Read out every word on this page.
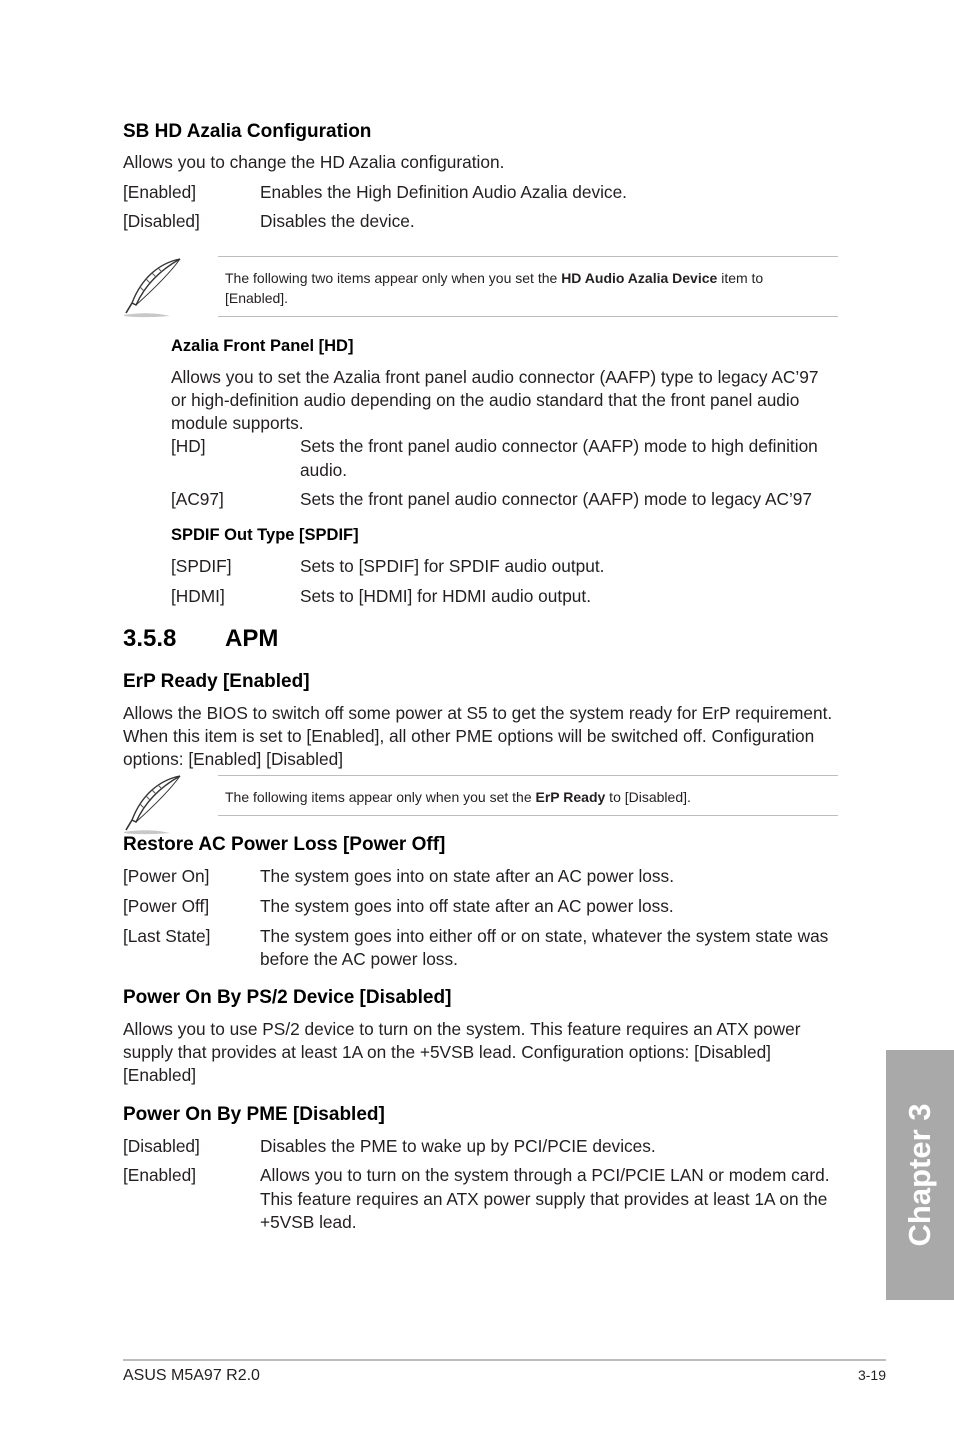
SB HD Azalia Configuration
Allows you to change the HD Azalia configuration.
[Enabled]	Enables the High Definition Audio Azalia device.
[Disabled]	Disables the device.
The following two items appear only when you set the HD Audio Azalia Device item to
[Enabled].
Azalia Front Panel [HD]
Allows you to set the Azalia front panel audio connector (AAFP) type to legacy AC’97
or high-definition audio depending on the audio standard that the front panel audio
module supports.
[HD]	Sets the front panel audio connector (AAFP) mode to high definition
audio.
[AC97]	Sets the front panel audio connector (AAFP) mode to legacy AC’97
SPDIF Out Type [SPDIF]
[SPDIF]	Sets to [SPDIF] for SPDIF audio output.
[HDMI]	Sets to [HDMI] for HDMI audio output.
3.5.8 APM
ErP Ready [Enabled]
Allows the BIOS to switch off some power at S5 to get the system ready for ErP requirement.
When this item is set to [Enabled], all other PME options will be switched off. Configuration
options: [Enabled] [Disabled]
The following items appear only when you set the ErP Ready to [Disabled].
Restore AC Power Loss [Power Off]
[Power On]	The system goes into on state after an AC power loss.
[Power Off]	The system goes into off state after an AC power loss.
[Last State]	The system goes into either off or on state, whatever the system state was
before the AC power loss.
Power On By PS/2 Device [Disabled]
Allows you to use PS/2 device to turn on the system. This feature requires an ATX power
supply that provides at least 1A on the +5VSB lead. Configuration options: [Disabled]
[Enabled]
Power On By PME [Disabled]
[Disabled]	Disables the PME to wake up by PCI/PCIE devices.
[Enabled]	Allows you to turn on the system through a PCI/PCIE LAN or modem card.
This feature requires an ATX power supply that provides at least 1A on the
+5VSB lead.	Chapter 3
ASUS M5A97 R2.0	3-19
